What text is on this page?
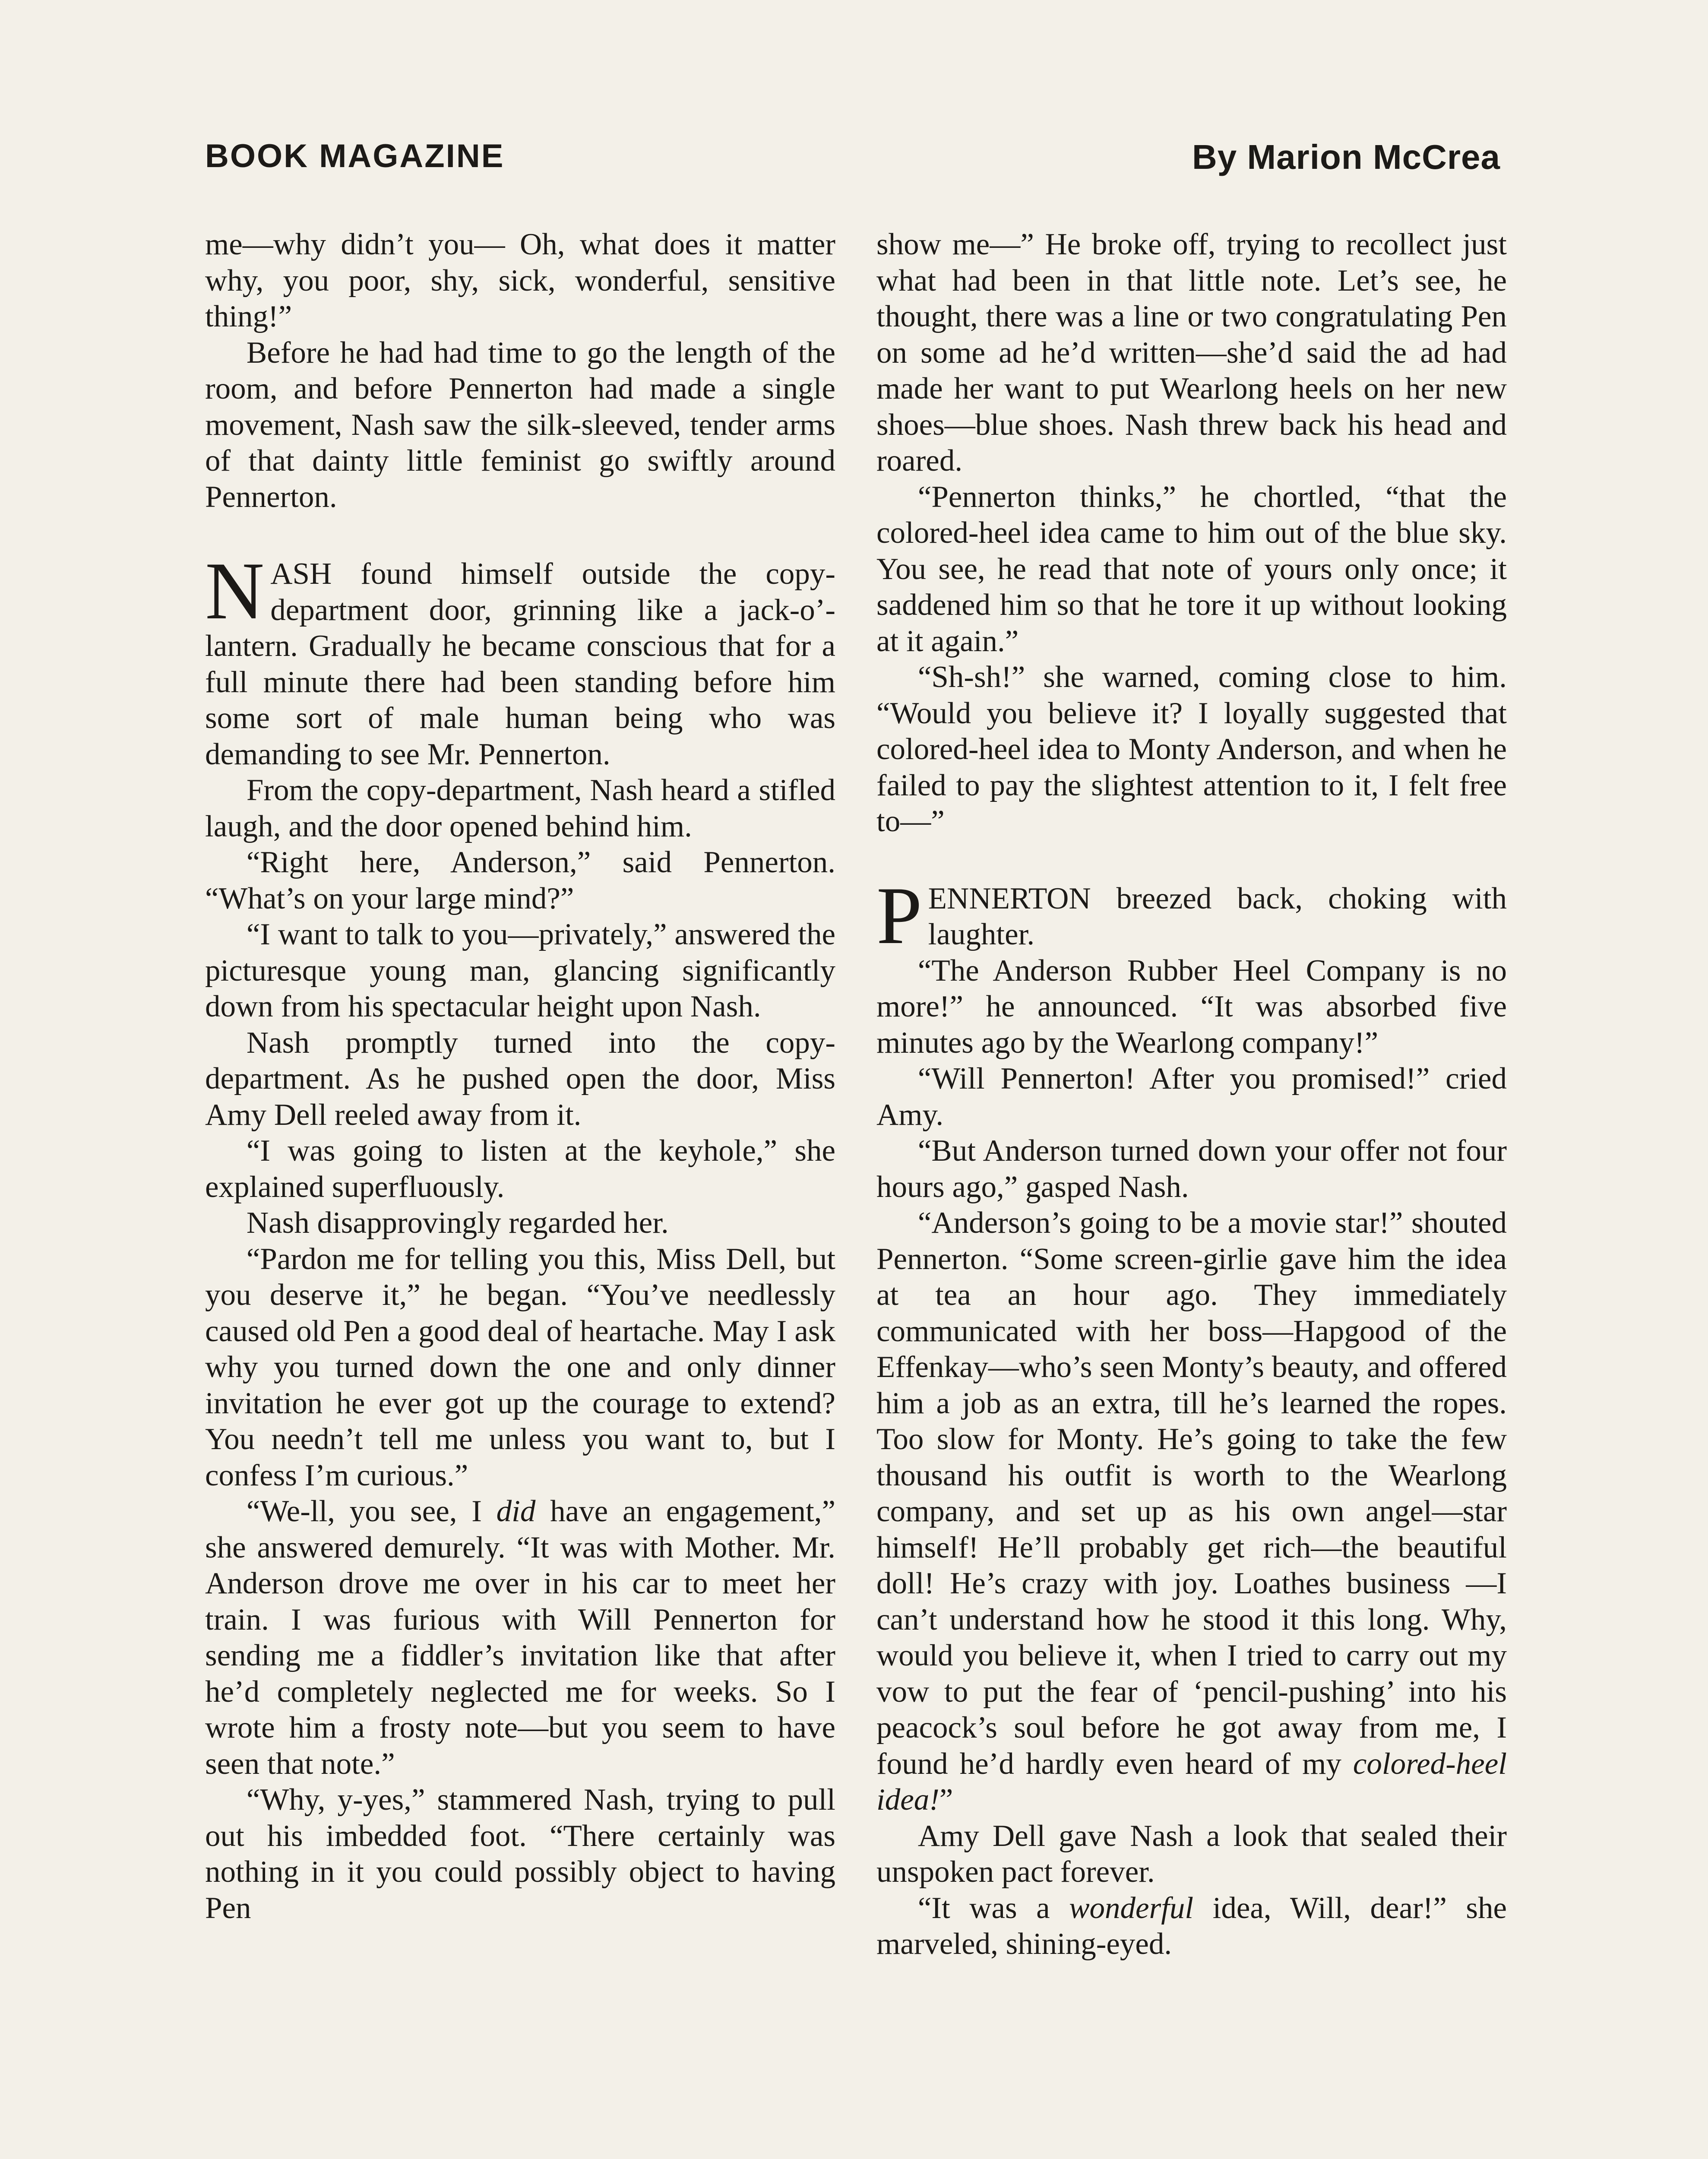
BOOK MAGAZINE	By Marion McCrea

me—why didn’t you— Oh, what does it matter why, you poor, shy, sick, wonderful, sensitive thing!”

Before he had had time to go the length of the room, and before Pennerton had made a single movement, Nash saw the silk-sleeved, tender arms of that dainty little feminist go swiftly around Pennerton.

NASH found himself outside the copy-department door, grinning like a jack-o’-lantern. Gradually he became conscious that for a full minute there had been standing before him some sort of male human being who was demanding to see Mr. Pennerton.

From the copy-department, Nash heard a stifled laugh, and the door opened behind him.

“Right here, Anderson,” said Pennerton. “What’s on your large mind?”

“I want to talk to you—privately,” answered the picturesque young man, glancing significantly down from his spectacular height upon Nash.

Nash promptly turned into the copy-department. As he pushed open the door, Miss Amy Dell reeled away from it.

“I was going to listen at the keyhole,” she explained superfluously.

Nash disapprovingly regarded her.

“Pardon me for telling you this, Miss Dell, but you deserve it,” he began. “You’ve needlessly caused old Pen a good deal of heartache. May I ask why you turned down the one and only dinner invitation he ever got up the courage to extend? You needn’t tell me unless you want to, but I confess I’m curious.”

“We-ll, you see, I did have an engagement,” she answered demurely. “It was with Mother. Mr. Anderson drove me over in his car to meet her train. I was furious with Will Pennerton for sending me a fiddler’s invitation like that after he’d completely neglected me for weeks. So I wrote him a frosty note—but you seem to have seen that note.”

“Why, y-yes,” stammered Nash, trying to pull out his imbedded foot. “There certainly was nothing in it you could possibly object to having Pen

show me—” He broke off, trying to recollect just what had been in that little note. Let’s see, he thought, there was a line or two congratulating Pen on some ad he’d written—she’d said the ad had made her want to put Wearlong heels on her new shoes—blue shoes. Nash threw back his head and roared.

“Pennerton thinks,” he chortled, “that the colored-heel idea came to him out of the blue sky. You see, he read that note of yours only once; it saddened him so that he tore it up without looking at it again.”

“Sh-sh!” she warned, coming close to him. “Would you believe it? I loyally suggested that colored-heel idea to Monty Anderson, and when he failed to pay the slightest attention to it, I felt free to—”

PENNERTON breezed back, choking with laughter.

“The Anderson Rubber Heel Company is no more!” he announced. “It was absorbed five minutes ago by the Wearlong company!”

“Will Pennerton! After you promised!” cried Amy.

“But Anderson turned down your offer not four hours ago,” gasped Nash.

“Anderson’s going to be a movie star!” shouted Pennerton. “Some screen-girlie gave him the idea at tea an hour ago. They immediately communicated with her boss—Hapgood of the Effenkay—who’s seen Monty’s beauty, and offered him a job as an extra, till he’s learned the ropes. Too slow for Monty. He’s going to take the few thousand his outfit is worth to the Wearlong company, and set up as his own angel—star himself! He’ll probably get rich—the beautiful doll! He’s crazy with joy. Loathes business —I can’t understand how he stood it this long. Why, would you believe it, when I tried to carry out my vow to put the fear of ‘pencil-pushing’ into his peacock’s soul before he got away from me, I found he’d hardly even heard of my colored-heel idea!”

Amy Dell gave Nash a look that sealed their unspoken pact forever.

“It was a wonderful idea, Will, dear!” she marveled, shining-eyed.
